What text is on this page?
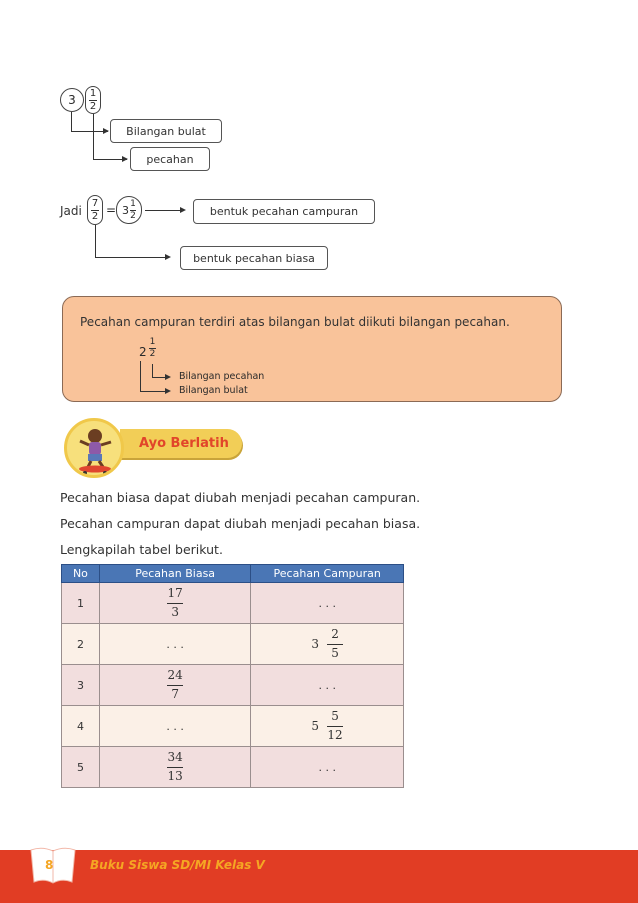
$3 \frac{1}{2}$
Bilangan bulat
pecahan
Jadi $\frac{7}{2} = 3 \frac{1}{2}$	bentuk pecahan campuran
bentuk pecahan biasa
Pecahan campuran terdiri atas bilangan bulat diikuti bilangan pecahan.
2
1
2
Bilangan pecahan
Bilangan bulat
Ayo Berlatih
Pecahan biasa dapat diubah menjadi pecahan campuran.
Pecahan campuran dapat diubah menjadi pecahan biasa.
Lengkapilah tabel berikut.
No	Pecahan Biasa	Pecahan Campuran
1	$\frac{17}{3}$	. . .
2	. . .	$3 \frac{2}{5}$

3	$\frac{24}{7}$	. . .
4	. . .	$5 \frac{5}{12}$

5	$\frac{34}{13}$	. . .
8	Buku Siswa SD/MI Kelas V
